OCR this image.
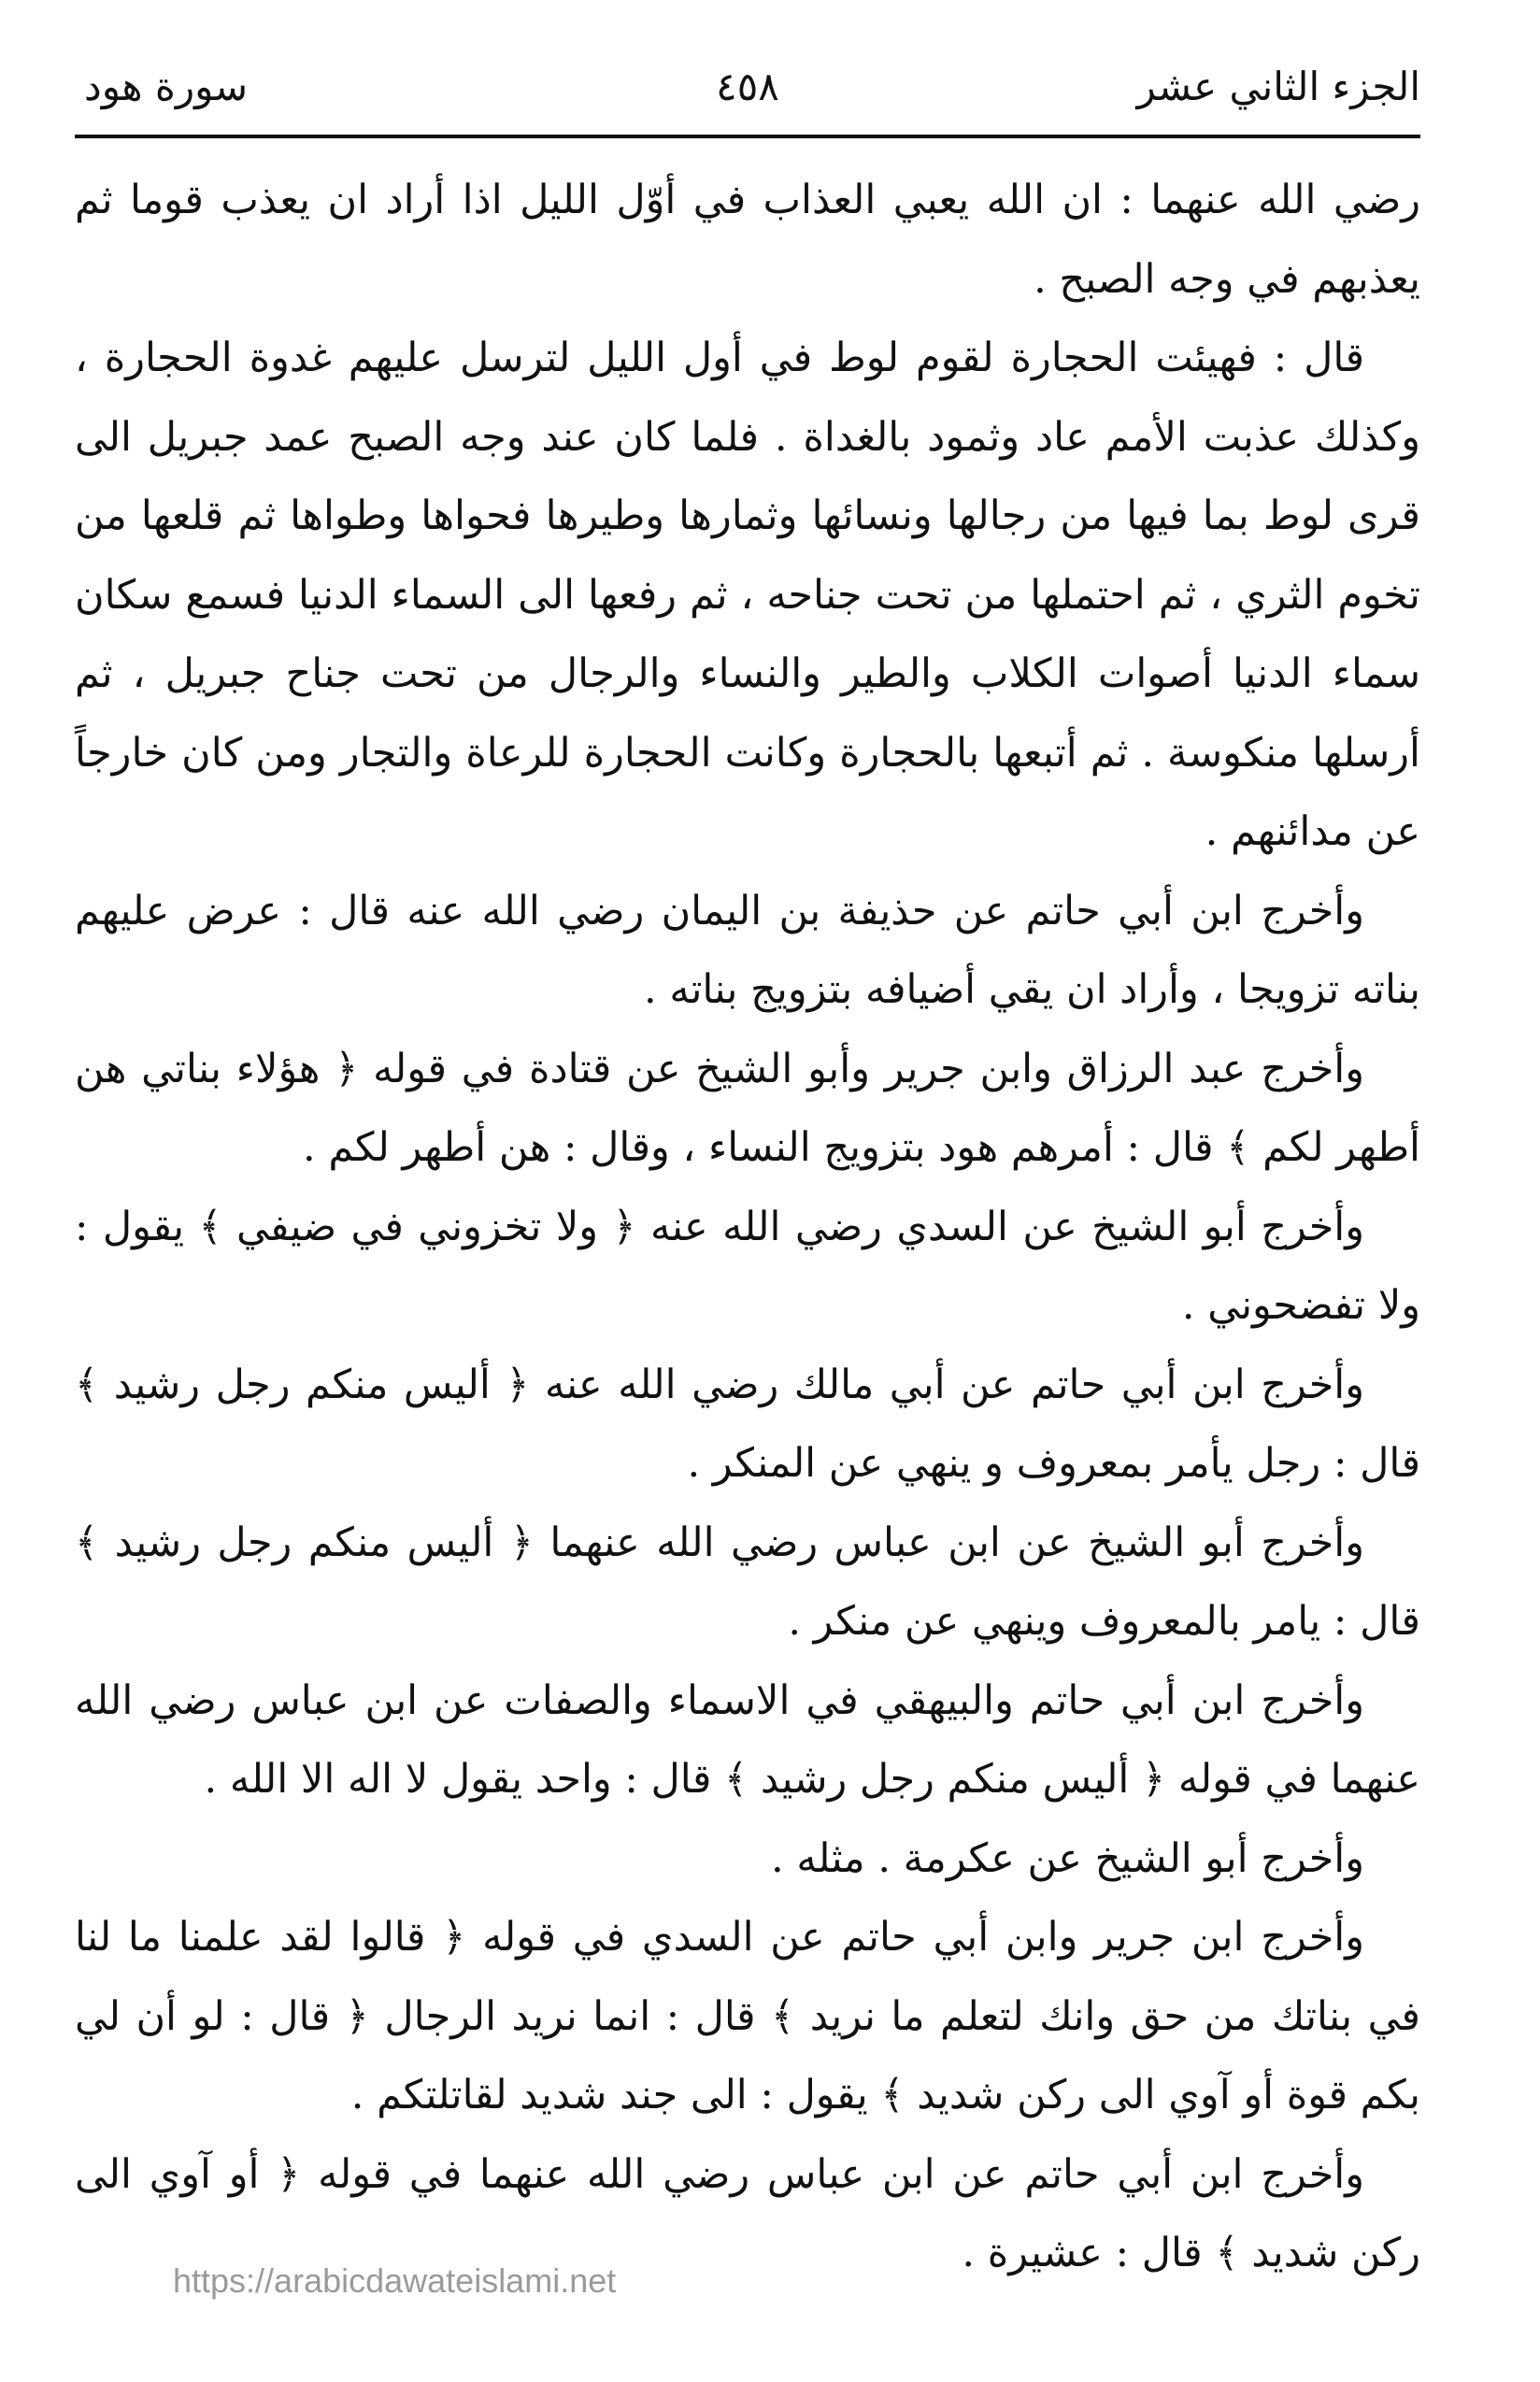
الجزء الثاني عشر
٤٥٨
سورة هود

رضي الله عنهما : ان الله يعبي العذاب في أوّل الليل اذا أراد ان يعذب قوما ثم يعذبهم في وجه الصبح .

قال : فهيئت الحجارة لقوم لوط في أول الليل لترسل عليهم غدوة الحجارة ، وكذلك عذبت الأمم عاد وثمود بالغداة . فلما كان عند وجه الصبح عمد جبريل الى قرى لوط بما فيها من رجالها ونسائها وثمارها وطيرها فحواها وطواها ثم قلعها من تخوم الثري ، ثم احتملها من تحت جناحه ، ثم رفعها الى السماء الدنيا فسمع سكان سماء الدنيا أصوات الكلاب والطير والنساء والرجال من تحت جناح جبريل ، ثم أرسلها منكوسة . ثم أتبعها بالحجارة وكانت الحجارة للرعاة والتجار ومن كان خارجاً عن مدائنهم .

وأخرج ابن أبي حاتم عن حذيفة بن اليمان رضي الله عنه قال : عرض عليهم بناته تزويجا ، وأراد ان يقي أضيافه بتزويج بناته .

وأخرج عبد الرزاق وابن جرير وأبو الشيخ عن قتادة في قوله ﴿ هؤلاء بناتي هن أطهر لكم ﴾ قال : أمرهم هود بتزويج النساء ، وقال : هن أطهر لكم .

وأخرج أبو الشيخ عن السدي رضي الله عنه ﴿ ولا تخزوني في ضيفي ﴾ يقول : ولا تفضحوني .

وأخرج ابن أبي حاتم عن أبي مالك رضي الله عنه ﴿ أليس منكم رجل رشيد ﴾ قال : رجل يأمر بمعروف و ينهي عن المنكر .

وأخرج أبو الشيخ عن ابن عباس رضي الله عنهما ﴿ أليس منكم رجل رشيد ﴾ قال : يامر بالمعروف وينهي عن منكر .

وأخرج ابن أبي حاتم والبيهقي في الاسماء والصفات عن ابن عباس رضي الله عنهما في قوله ﴿ أليس منكم رجل رشيد ﴾ قال : واحد يقول لا اله الا الله .

وأخرج أبو الشيخ عن عكرمة . مثله .

وأخرج ابن جرير وابن أبي حاتم عن السدي في قوله ﴿ قالوا لقد علمنا ما لنا في بناتك من حق وانك لتعلم ما نريد ﴾ قال : انما نريد الرجال ﴿ قال : لو أن لي بكم قوة أو آوي الى ركن شديد ﴾ يقول : الى جند شديد لقاتلتكم .

وأخرج ابن أبي حاتم عن ابن عباس رضي الله عنهما في قوله ﴿ أو آوي الى ركن شديد ﴾ قال : عشيرة .

https://arabicdawateislami.net
